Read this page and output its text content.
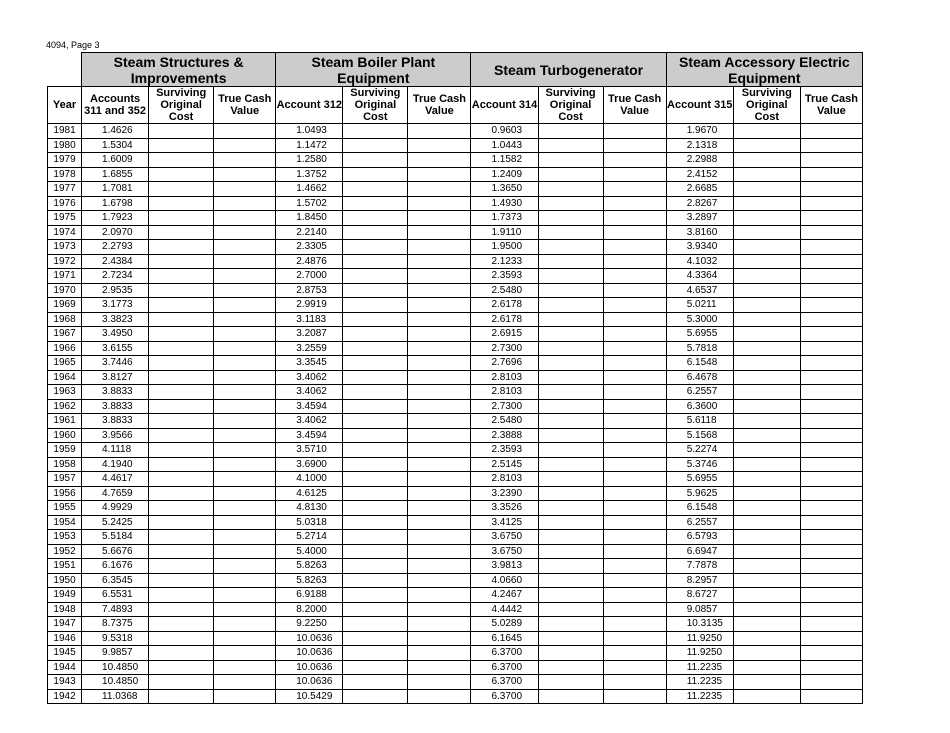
4094, Page 3
	Steam Structures & Improvements			Steam Boiler Plant Equipment			Steam Turbogenerator			Steam Accessory Electric Equipment		
Year	Accounts 311 and 352	Surviving Original Cost	True Cash Value	Account 312	Surviving Original Cost	True Cash Value	Account 314	Surviving Original Cost	True Cash Value	Account 315	Surviving Original Cost	True Cash Value
1981	1.4626			1.0493			0.9603			1.9670		
1980	1.5304			1.1472			1.0443			2.1318		
1979	1.6009			1.2580			1.1582			2.2988		
1978	1.6855			1.3752			1.2409			2.4152		
1977	1.7081			1.4662			1.3650			2.6685		
1976	1.6798			1.5702			1.4930			2.8267		
1975	1.7923			1.8450			1.7373			3.2897		
1974	2.0970			2.2140			1.9110			3.8160		
1973	2.2793			2.3305			1.9500			3.9340		
1972	2.4384			2.4876			2.1233			4.1032		
1971	2.7234			2.7000			2.3593			4.3364		
1970	2.9535			2.8753			2.5480			4.6537		
1969	3.1773			2.9919			2.6178			5.0211		
1968	3.3823			3.1183			2.6178			5.3000		
1967	3.4950			3.2087			2.6915			5.6955		
1966	3.6155			3.2559			2.7300			5.7818		
1965	3.7446			3.3545			2.7696			6.1548		
1964	3.8127			3.4062			2.8103			6.4678		
1963	3.8833			3.4062			2.8103			6.2557		
1962	3.8833			3.4594			2.7300			6.3600		
1961	3.8833			3.4062			2.5480			5.6118		
1960	3.9566			3.4594			2.3888			5.1568		
1959	4.1118			3.5710			2.3593			5.2274		
1958	4.1940			3.6900			2.5145			5.3746		
1957	4.4617			4.1000			2.8103			5.6955		
1956	4.7659			4.6125			3.2390			5.9625		
1955	4.9929			4.8130			3.3526			6.1548		
1954	5.2425			5.0318			3.4125			6.2557		
1953	5.5184			5.2714			3.6750			6.5793		
1952	5.6676			5.4000			3.6750			6.6947		
1951	6.1676			5.8263			3.9813			7.7878		
1950	6.3545			5.8263			4.0660			8.2957		
1949	6.5531			6.9188			4.2467			8.6727		
1948	7.4893			8.2000			4.4442			9.0857		
1947	8.7375			9.2250			5.0289			10.3135		
1946	9.5318			10.0636			6.1645			11.9250		
1945	9.9857			10.0636			6.3700			11.9250		
1944	10.4850			10.0636			6.3700			11.2235		
1943	10.4850			10.0636			6.3700			11.2235		
1942	11.0368			10.5429			6.3700			11.2235		
